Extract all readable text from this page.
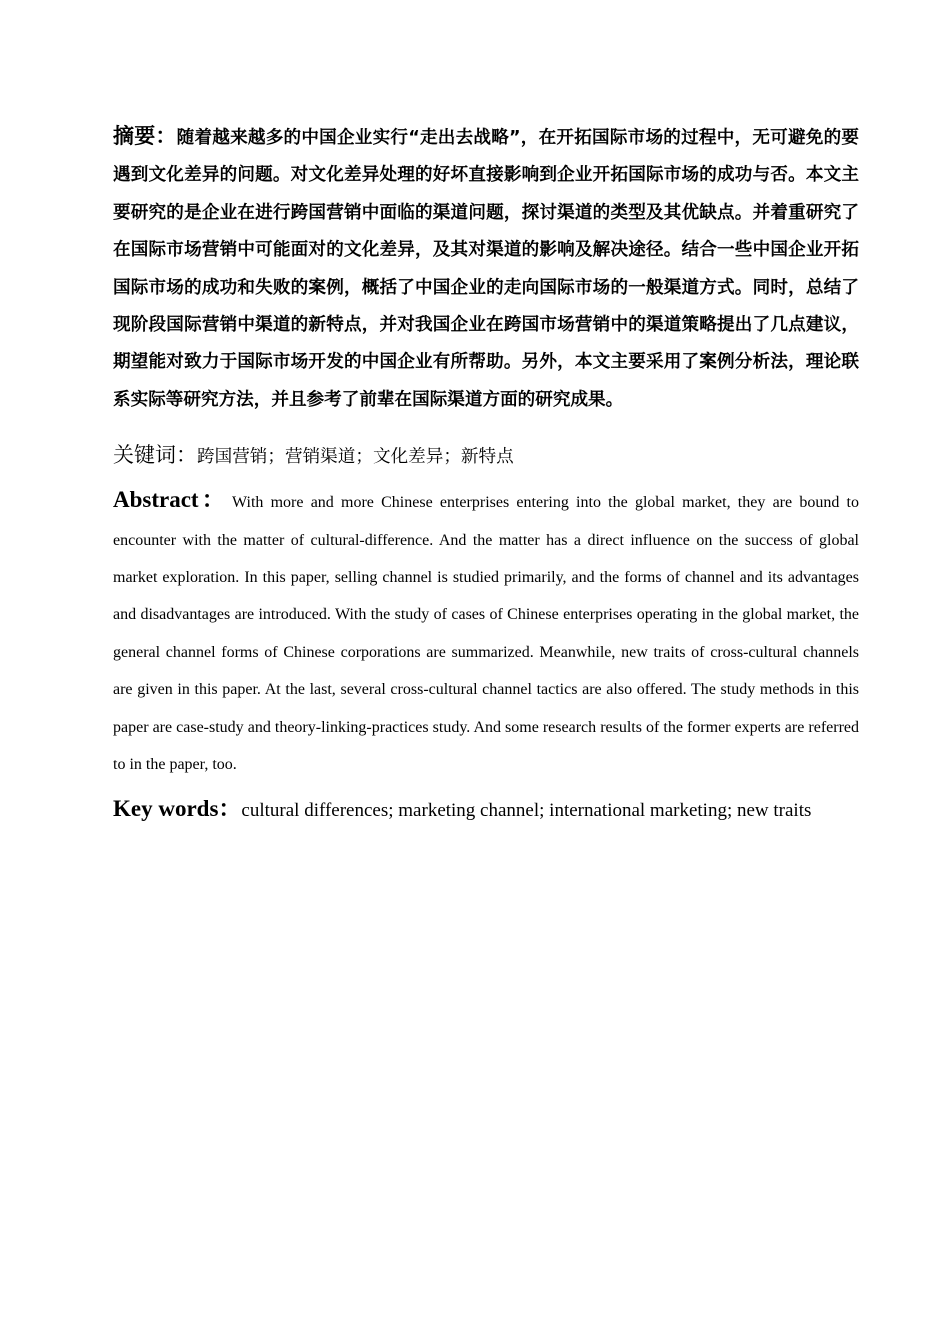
摘要：随着越来越多的中国企业实行“走出去战略”，在开拓国际市场的过程中，无可避免的要遇到文化差异的问题。对文化差异处理的好坏直接影响到企业开拓国际市场的成功与否。本文主要研究的是企业在进行跨国营销中面临的渠道问题，探讨渠道的类型及其优缺点。并着重研究了在国际市场营销中可能面对的文化差异，及其对渠道的影响及解决途径。结合一些中国企业开拓国际市场的成功和失败的案例，概括了中国企业的走向国际市场的一般渠道方式。同时，总结了现阶段国际营销中渠道的新特点，并对我国企业在跨国市场营销中的渠道策略提出了几点建议，期望能对致力于国际市场开发的中国企业有所帮助。另外，本文主要采用了案例分析法，理论联系实际等研究方法，并且参考了前辈在国际渠道方面的研究成果。

关键词：跨国营销；营销渠道；文化差异；新特点

Abstract： With more and more Chinese enterprises entering into the global market, they are bound to encounter with the matter of cultural-difference. And the matter has a direct influence on the success of global market exploration. In this paper, selling channel is studied primarily, and the forms of channel and its advantages and disadvantages are introduced. With the study of cases of Chinese enterprises operating in the global market, the general channel forms of Chinese corporations are summarized. Meanwhile, new traits of cross-cultural channels are given in this paper. At the last, several cross-cultural channel tactics are also offered. The study methods in this paper are case-study and theory-linking-practices study. And some research results of the former experts are referred to in the paper, too.

Key words：cultural differences; marketing channel; international marketing; new traits
